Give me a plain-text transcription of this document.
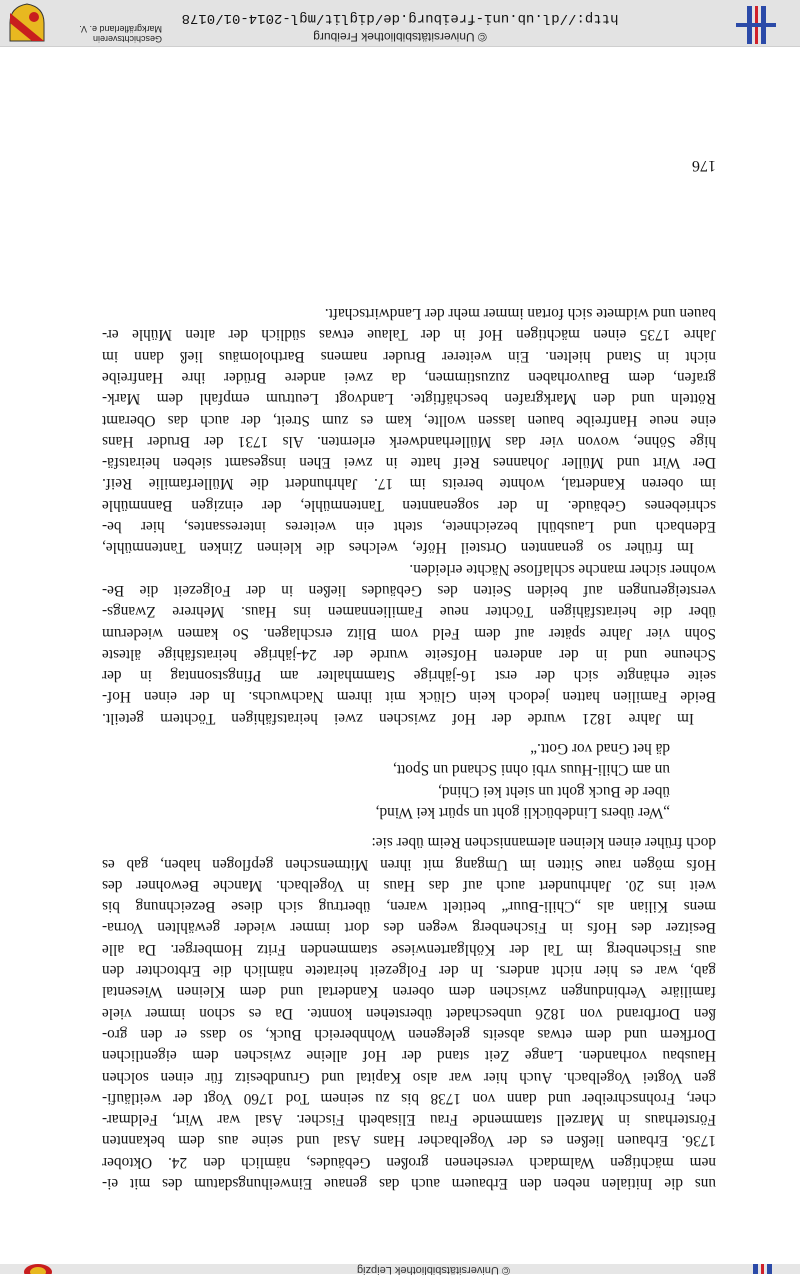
© Universitätsbibliothek Leipzig
uns die Initialen neben den Erbauern auch das genaue Einweihungsdatum des mit ei-
nem mächtigen Walmdach versehenen großen Gebäudes, nämlich den 24. Oktober
1736. Erbauen ließen es der Vogelbacher Hans Asal und seine aus dem bekannten
Försterhaus in Marzell stammende Frau Elisabeth Fischer. Asal war Wirt, Feldmar-
cher, Frohnschreiber und dann von 1738 bis zu seinem Tod 1760 Vogt der weitläufi-
gen Vogtei Vogelbach. Auch hier war also Kapital und Grundbesitz für einen solchen
Hausbau vorhanden. Lange Zeit stand der Hof alleine zwischen dem eigentlichen
Dorfkern und dem etwas abseits gelegenen Wohnbereich Buck, so dass er den gro-
ßen Dorfbrand von 1826 unbeschadet überstehen konnte. Da es schon immer viele
familiäre Verbindungen zwischen dem oberen Kandertal und dem Kleinen Wiesental
gab, war es hier nicht anders. In der Folgezeit heiratete nämlich die Erbtochter den
aus Fischenberg im Tal der Köhlgartenwiese stammenden Fritz Homberger. Da alle
Besitzer des Hofs in Fischenberg wegen des dort immer wieder gewählten Vorna-
mens Kilian als „Chili-Buur“ betitelt waren, übertrug sich diese Bezeichnung bis
weit ins 20. Jahrhundert auch auf das Haus in Vogelbach. Manche Bewohner des
Hofs mögen raue Sitten im Umgang mit ihren Mitmenschen gepflogen haben, gab es
doch früher einen kleinen alemannischen Reim über sie:
„Wer übers Lindebückli goht un spürt kei Wind,
über de Buck goht un sieht kei Chind,
un am Chili-Huus vrbi ohni Schand un Spott,
dä het Gnad vor Gott.“
Im Jahre 1821 wurde der Hof zwischen zwei heiratsfähigen Töchtern geteilt.
Beide Familien hatten jedoch kein Glück mit ihrem Nachwuchs. In der einen Hof-
seite erhängte sich der erst 16-jährige Stammhalter am Pfingstsonntag in der
Scheune und in der anderen Hofseite wurde der 24-jährige heiratsfähige älteste
Sohn vier Jahre später auf dem Feld vom Blitz erschlagen. So kamen wiederum
über die heiratsfähigen Töchter neue Familiennamen ins Haus. Mehrere Zwangs-
versteigerungen auf beiden Seiten des Gebäudes ließen in der Folgezeit die Be-
wohner sicher manche schlaflose Nächte erleiden.
Im früher so genannten Ortsteil Höfe, welches die kleinen Zinken Tantenmühle,
Edenbach und Lausbühl bezeichnete, steht ein weiteres interessantes, hier be-
schriebenes Gebäude. In der sogenannten Tantenmühle, der einzigen Bannmühle
im oberen Kandertal, wohnte bereits im 17. Jahrhundert die Müllerfamilie Reif.
Der Wirt und Müller Johannes Reif hatte in zwei Ehen insgesamt sieben heiratsfä-
hige Söhne, wovon vier das Müllerhandwerk erlernten. Als 1731 der Bruder Hans
eine neue Hanfreibe bauen lassen wollte, kam es zum Streit, der auch das Oberamt
Rötteln und den Markgrafen beschäftigte. Landvogt Leutrum empfahl dem Mark-
grafen, dem Bauvorhaben zuzustimmen, da zwei andere Brüder ihre Hanfreibe
nicht in Stand hielten. Ein weiterer Bruder namens Bartholomäus ließ dann im
Jahre 1735 einen mächtigen Hof in der Talaue etwas südlich der alten Mühle er-
bauen und widmete sich fortan immer mehr der Landwirtschaft.
176
© Universitätsbibliothek Freiburg
http://dl.ub.uni-freiburg.de/diglit/mgl-2014-01/0178
Geschichtsverein
Markgräflerland e. V.
